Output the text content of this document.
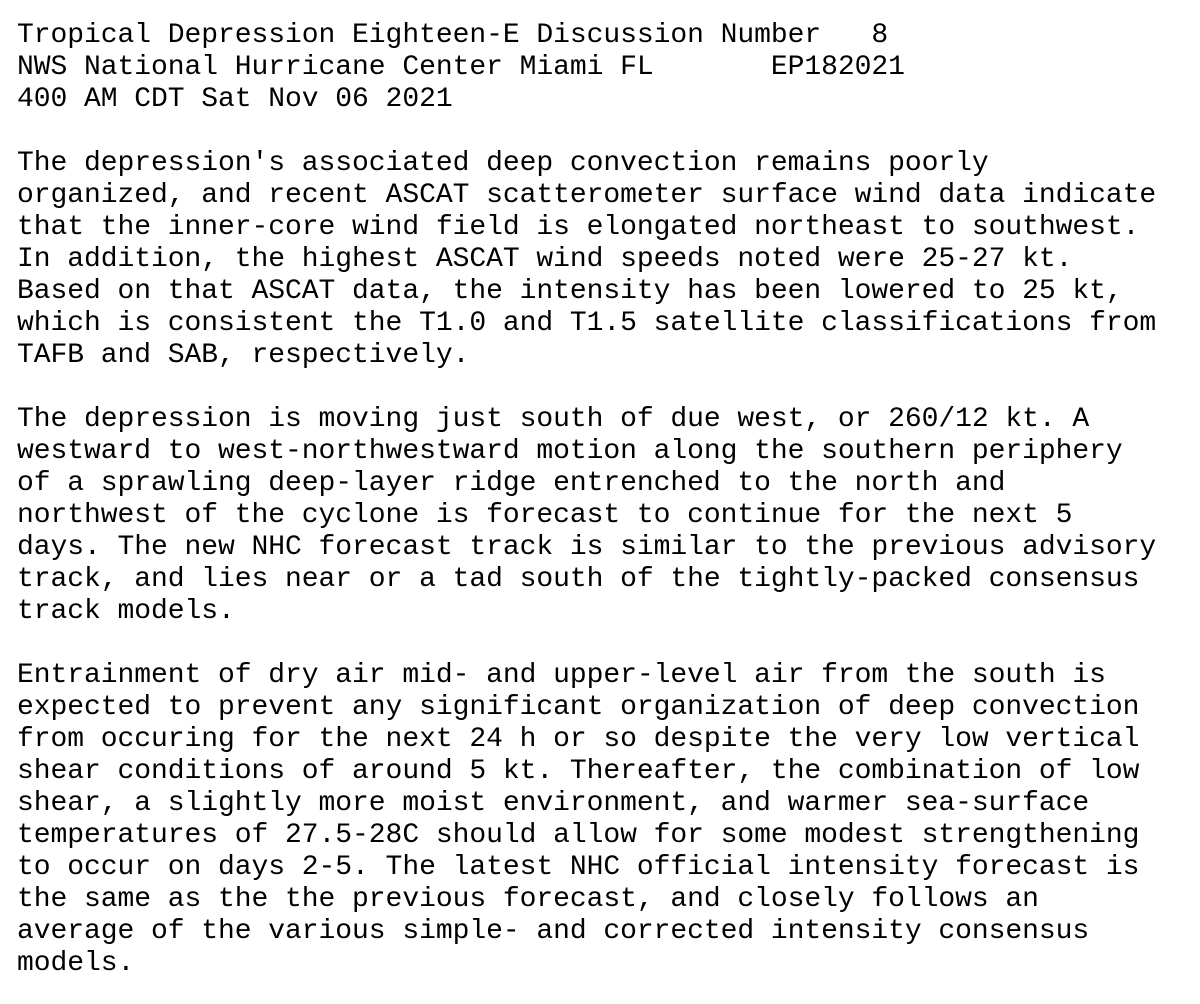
Tropical Depression Eighteen-E Discussion Number   8
NWS National Hurricane Center Miami FL       EP182021
400 AM CDT Sat Nov 06 2021
The depression's associated deep convection remains poorly
organized, and recent ASCAT scatterometer surface wind data indicate
that the inner-core wind field is elongated northeast to southwest.
In addition, the highest ASCAT wind speeds noted were 25-27 kt.
Based on that ASCAT data, the intensity has been lowered to 25 kt,
which is consistent the T1.0 and T1.5 satellite classifications from
TAFB and SAB, respectively.
The depression is moving just south of due west, or 260/12 kt. A
westward to west-northwestward motion along the southern periphery
of a sprawling deep-layer ridge entrenched to the north and
northwest of the cyclone is forecast to continue for the next 5
days. The new NHC forecast track is similar to the previous advisory
track, and lies near or a tad south of the tightly-packed consensus
track models.
Entrainment of dry air mid- and upper-level air from the south is
expected to prevent any significant organization of deep convection
from occuring for the next 24 h or so despite the very low vertical
shear conditions of around 5 kt. Thereafter, the combination of low
shear, a slightly more moist environment, and warmer sea-surface
temperatures of 27.5-28C should allow for some modest strengthening
to occur on days 2-5. The latest NHC official intensity forecast is
the same as the the previous forecast, and closely follows an
average of the various simple- and corrected intensity consensus
models.
